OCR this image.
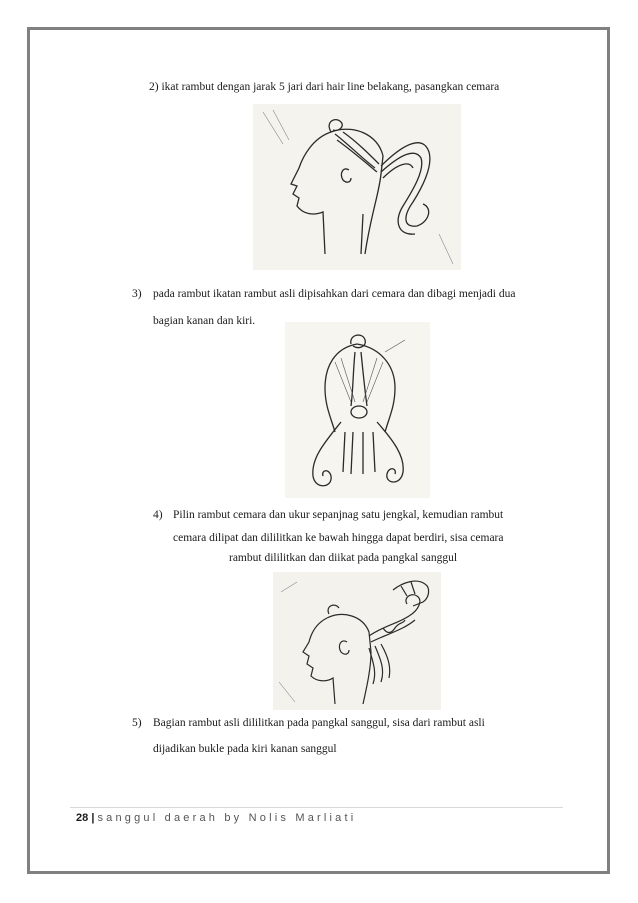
2) ikat rambut dengan jarak 5 jari dari hair line belakang, pasangkan cemara
3) pada rambut ikatan rambut asli dipisahkan dari cemara dan dibagi menjadi dua
bagian kanan dan kiri.
4) Pilin rambut cemara dan ukur sepanjnag satu jengkal, kemudian rambut
cemara dilipat dan dililitkan ke bawah hingga dapat berdiri, sisa cemara
rambut dililitkan dan diikat pada pangkal sanggul
5) Bagian rambut asli dililitkan pada pangkal sanggul, sisa dari rambut asli
dijadikan bukle pada kiri kanan sanggul
28 | sanggul daerah by Nolis Marliati
